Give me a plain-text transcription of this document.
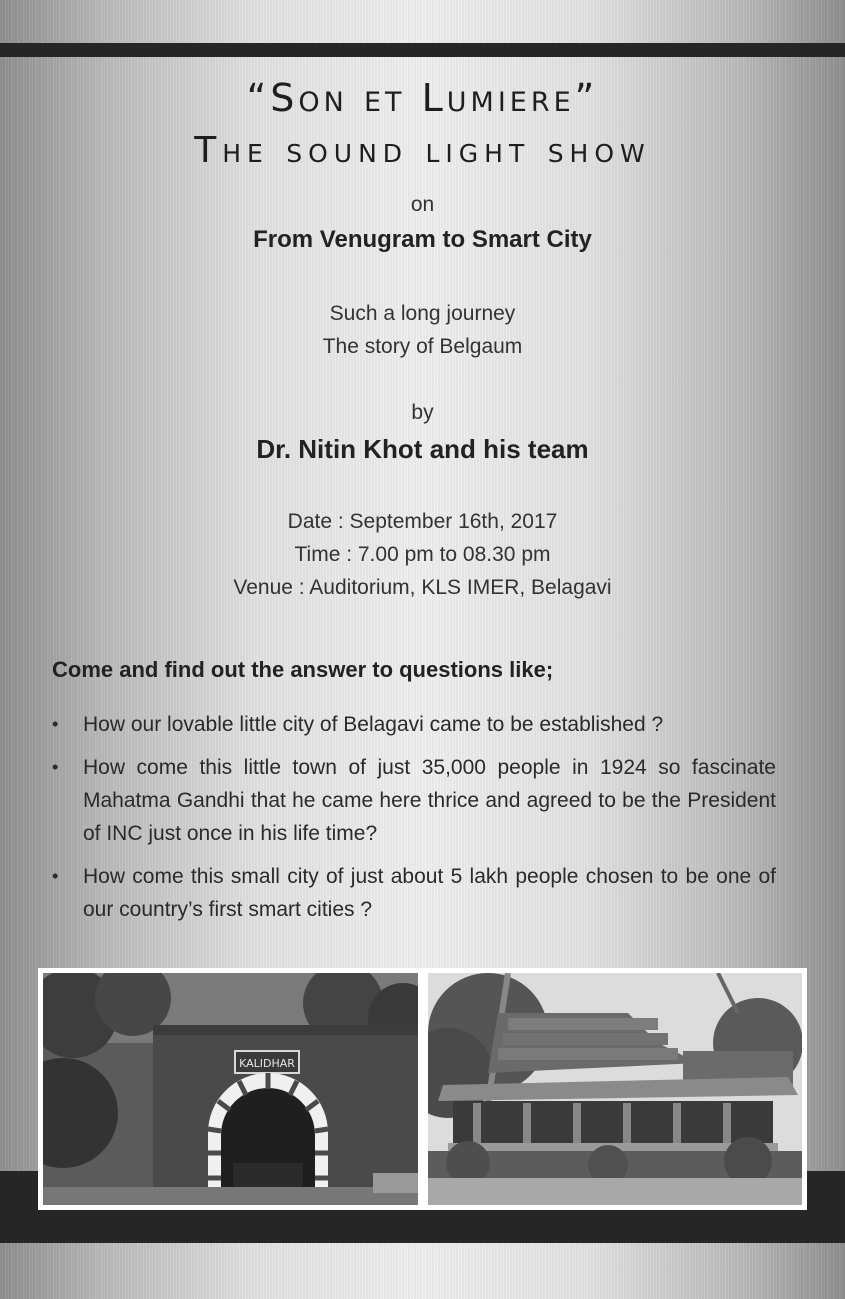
“Son et Lumiere”
The sound light show
on
From Venugram to Smart City
Such a long journey
The story of Belgaum
by
Dr. Nitin Khot and his team
Date : September 16th, 2017
Time : 7.00 pm to 08.30 pm
Venue : Auditorium, KLS IMER, Belagavi
Come and find out the answer to questions like;
• How our lovable little city of Belagavi came to be established ?
• How come this little town of just 35,000 people in 1924 so fascinate Mahatma Gandhi that he came here thrice and agreed to be the President of INC just once in his life time?
• How come this small city of just about 5 lakh people chosen to be one of our country’s first smart cities ?
KALIDHAR
